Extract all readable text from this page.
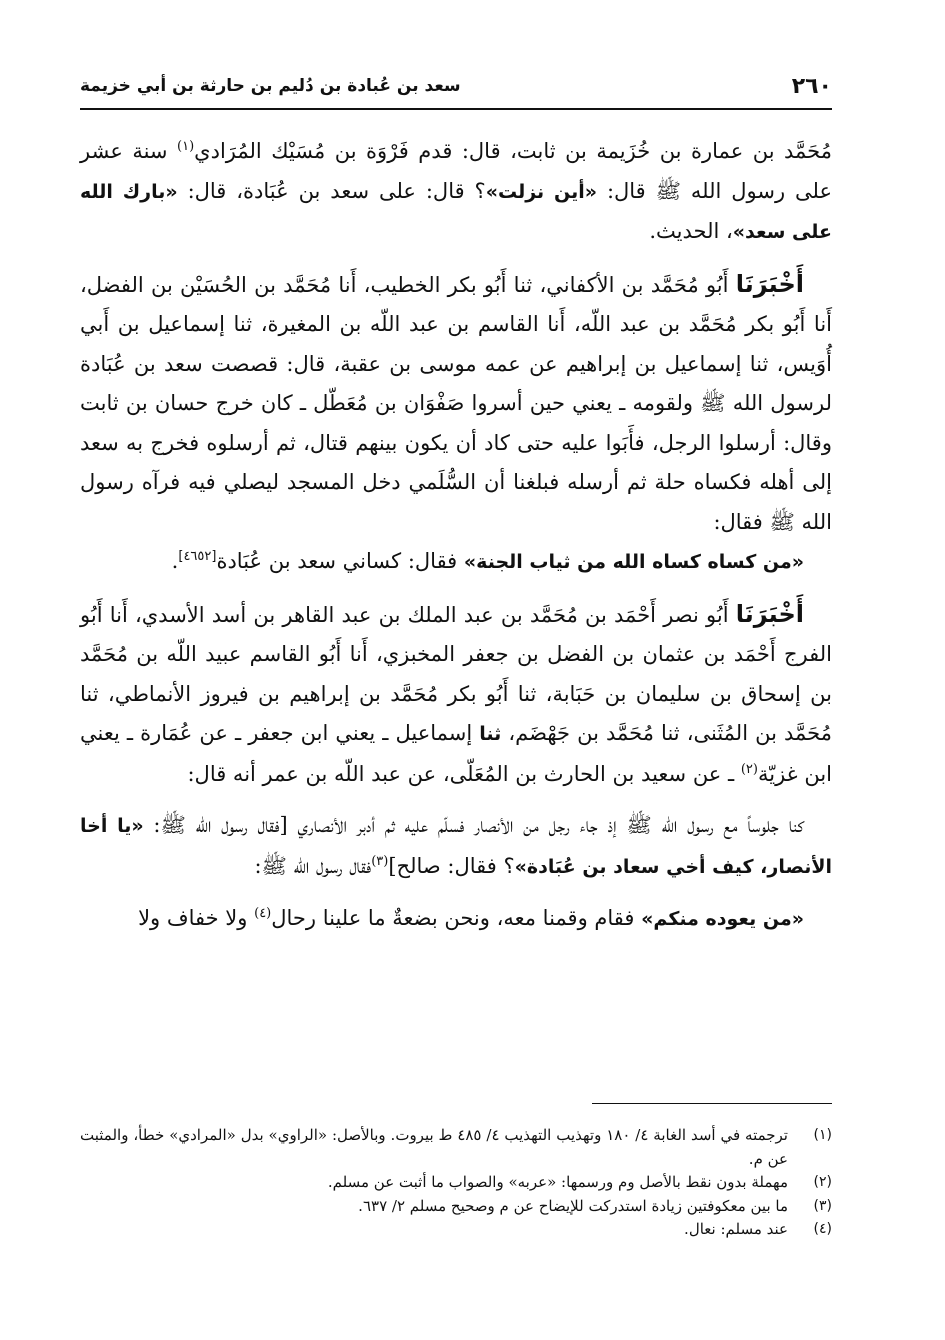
٢٦٠
سعد بن عُبادة بن دُليم بن حارثة بن أبي خزيمة

مُحَمَّد بن عمارة بن خُزَيمة بن ثابت، قال: قدم فَرْوَة بن مُسَيْك المُرَادي$^{(١)}$ سنة عشر على رسول الله ﷺ قال: «أين نزلت»؟ قال: على سعد بن عُبَادة، قال: «بارك الله على سعد»، الحديث.

أَخْبَرَنَا أَبُو مُحَمَّد بن الأكفاني، ثنا أَبُو بكر الخطيب، أَنا مُحَمَّد بن الحُسَيْن بن الفضل، أَنا أَبُو بكر مُحَمَّد بن عبد اللّه، أَنا القاسم بن عبد اللّه بن المغيرة، ثنا إسماعيل بن أَبي أُوَيس، ثنا إسماعيل بن إبراهيم عن عمه موسى بن عقبة، قال: قصصت سعد بن عُبَادة لرسول الله ﷺ ولقومه ـ يعني حين أسروا صَفْوَان بن مُعَطّل ـ كان خرج حسان بن ثابت وقال: أرسلوا الرجل، فأَبَوا عليه حتى كاد أن يكون بينهم قتال، ثم أرسلوه فخرج به سعد إلى أهله فكساه حلة ثم أرسله فبلغنا أن السُّلَمي دخل المسجد ليصلي فيه فرآه رسول الله ﷺ فقال:

«من كساه كساه الله من ثياب الجنة» فقال: كساني سعد بن عُبَادة[٤٦٥٢].

أَخْبَرَنَا أَبُو نصر أَحْمَد بن مُحَمَّد بن عبد الملك بن عبد القاهر بن أسد الأسدي، أَنا أَبُو الفرج أَحْمَد بن عثمان بن الفضل بن جعفر المخبزي، أَنا أَبُو القاسم عبيد اللّه بن مُحَمَّد بن إسحاق بن سليمان بن حَبَابة، ثنا أَبُو بكر مُحَمَّد بن إبراهيم بن فيروز الأنماطي، ثنا مُحَمَّد بن المُثَنى، ثنا مُحَمَّد بن جَهْضَم، ثنا إسماعيل ـ يعني ابن جعفر ـ عن عُمَارة ـ يعني ابن غزيّة$^{(٢)}$ ـ عن سعيد بن الحارث بن المُعَلّى، عن عبد اللّه بن عمر أنه قال:

كنا جلوساً مع رسول الله ﷺ إذ جاء رجل من الأنصار فسلّم عليه ثم أدبر الأنصاري [فقال رسول الله ﷺ: «يا أخا الأنصار، كيف أخي سعاد بن عُبَادة»؟ فقال: صالح]$^{(٣)}$فقال رسول الله ﷺ:

«من يعوده منكم» فقام وقمنا معه، ونحن بضعةٌ ما علينا رحال$^{(٤)}$ ولا خفاف ولا

(١)
ترجمته في أسد الغابة ٤/ ١٨٠ وتهذيب التهذيب ٤/ ٤٨٥ ط بيروت. وبالأصل: «الراوي» بدل «المرادي» خطأ، والمثبت عن م.
(٢)
مهملة بدون نقط بالأصل وم ورسمها: «عربه» والصواب ما أثبت عن مسلم.
(٣)
ما بين معكوفتين زيادة استدركت للإيضاح عن م وصحيح مسلم ٢/ ٦٣٧.
(٤)
عند مسلم: نعال.
